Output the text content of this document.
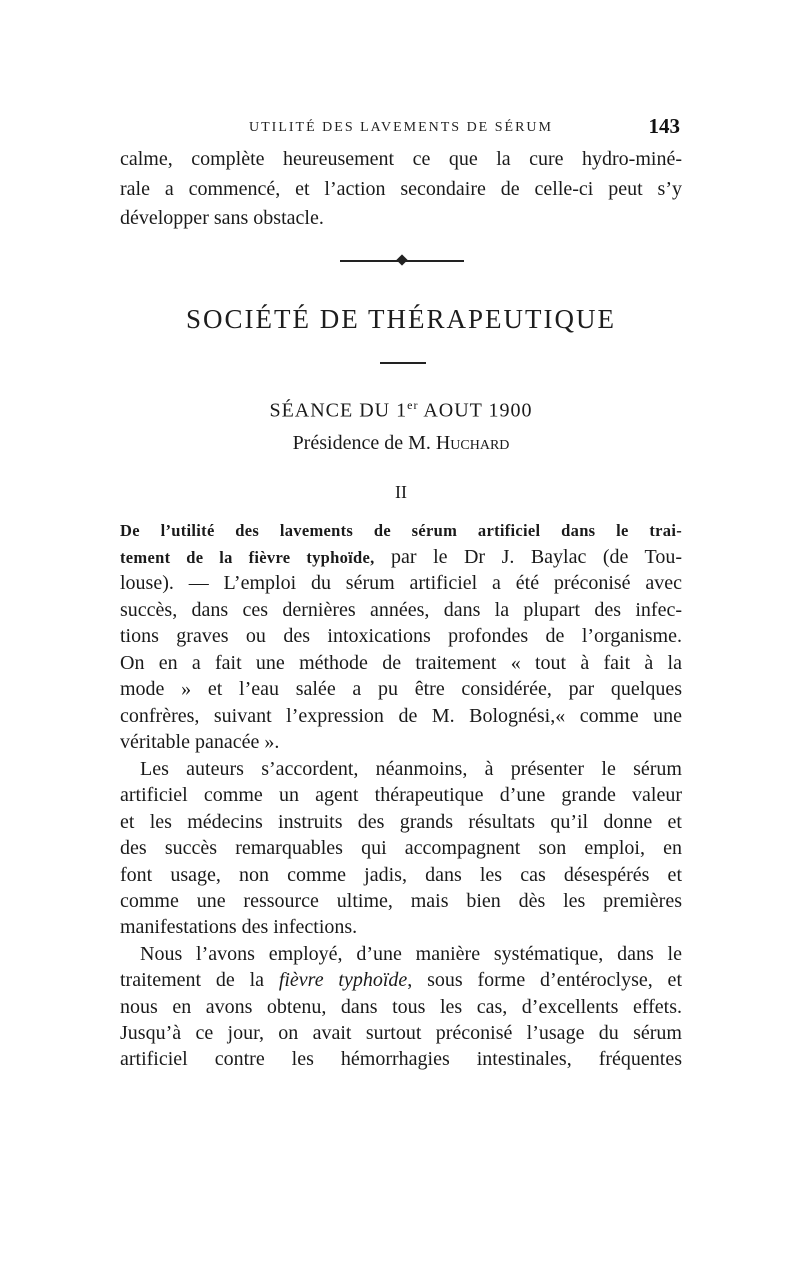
UTILITÉ DES LAVEMENTS DE SÉRUM	143
calme, complète heureusement ce que la cure hydro-miné-
rale a commencé, et l’action secondaire de celle-ci peut s’y
développer sans obstacle.
SOCIÉTÉ DE THÉRAPEUTIQUE
SÉANCE DU 1er AOUT 1900
Présidence de M. Huchard
II
De l’utilité des lavements de sérum artificiel dans le trai-
tement de la fièvre typhoïde, par le Dr J. Baylac (de Tou-
louse). — L’emploi du sérum artificiel a été préconisé avec
succès, dans ces dernières années, dans la plupart des infec-
tions graves ou des intoxications profondes de l’organisme.
On en a fait une méthode de traitement « tout à fait à la
mode » et l’eau salée a pu être considérée, par quelques
confrères, suivant l’expression de M. Bolognési,« comme une
véritable panacée ».
Les auteurs s’accordent, néanmoins, à présenter le sérum
artificiel comme un agent thérapeutique d’une grande valeur
et les médecins instruits des grands résultats qu’il donne et
des succès remarquables qui accompagnent son emploi, en
font usage, non comme jadis, dans les cas désespérés et
comme une ressource ultime, mais bien dès les premières
manifestations des infections.
Nous l’avons employé, d’une manière systématique, dans le
traitement de la fièvre typhoïde, sous forme d’entéroclyse, et
nous en avons obtenu, dans tous les cas, d’excellents effets.
Jusqu’à ce jour, on avait surtout préconisé l’usage du sérum
artificiel contre les hémorrhagies intestinales, fréquentes
